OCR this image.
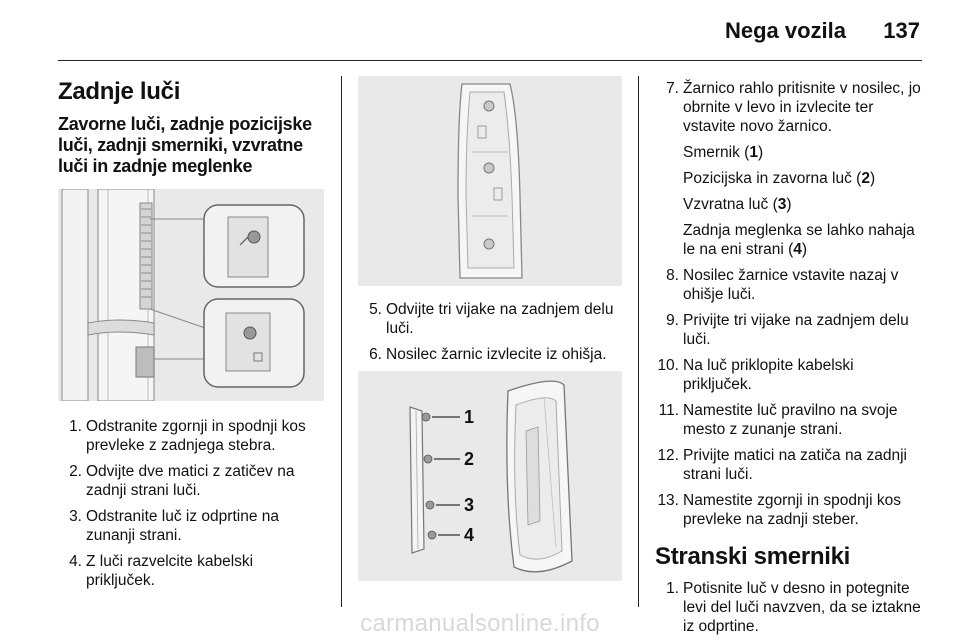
Nega vozila 137
Zadnje luči
Zavorne luči, zadnje pozicijske luči, zadnji smerniki, vzvratne luči in zadnje meglenke
1. Odstranite zgornji in spodnji kos prevleke z zadnjega stebra.
2. Odvijte dve matici z zatičev na zadnji strani luči.
3. Odstranite luč iz odprtine na zunanji strani.
4. Z luči razvelcite kabelski priključek.
5. Odvijte tri vijake na zadnjem delu luči.
6. Nosilec žarnic izvlecite iz ohišja.
1
2
3
4
7. Žarnico rahlo pritisnite v nosilec, jo obrnite v levo in izvlecite ter vstavite novo žarnico.
Smernik (1)
Pozicijska in zavorna luč (2)
Vzvratna luč (3)
Zadnja meglenka se lahko nahaja le na eni strani (4)
8. Nosilec žarnice vstavite nazaj v ohišje luči.
9. Privijte tri vijake na zadnjem delu luči.
10. Na luč priklopite kabelski priključek.
11. Namestite luč pravilno na svoje mesto z zunanje strani.
12. Privijte matici na zatiča na zadnji strani luči.
13. Namestite zgornji in spodnji kos prevleke na zadnji steber.
Stranski smerniki
1. Potisnite luč v desno in potegnite levi del luči navzven, da se iztakne iz odprtine.
carmanualsonline.info
